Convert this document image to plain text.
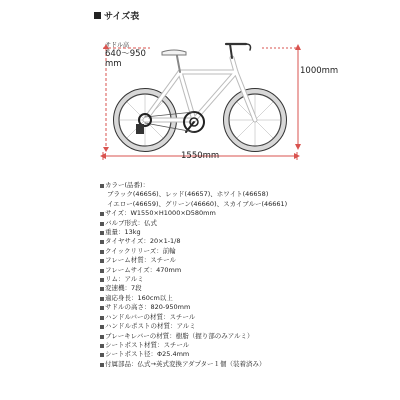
サイズ表
サドル高
640～950
mm
1000mm
1550mm
カラー(品番)：
ブラック(46656)、レッド(46657)、ホワイト(46658)
イエロー(46659)、グリーン(46660)、スカイブルー(46661)
サイズ：W1550×H1000×D580mm
バルブ形式：仏式
重量：13kg
タイヤサイズ：20×1-1/8
クイックリリーズ：前輪
フレーム材質：スチール
フレームサイズ：470mm
リム：アルミ
変速機：7段
適応身長：160cm以上
サドルの高さ：820-950mm
ハンドルバーの材質：スチール
ハンドルポストの材質：アルミ
ブレーキレバーの材質：樹脂（握り部のみアルミ）
シートポスト材質：スチール
シートポスト径：Φ25.4mm
付属部品：仏式→英式変換アダプター１個（装着済み）
